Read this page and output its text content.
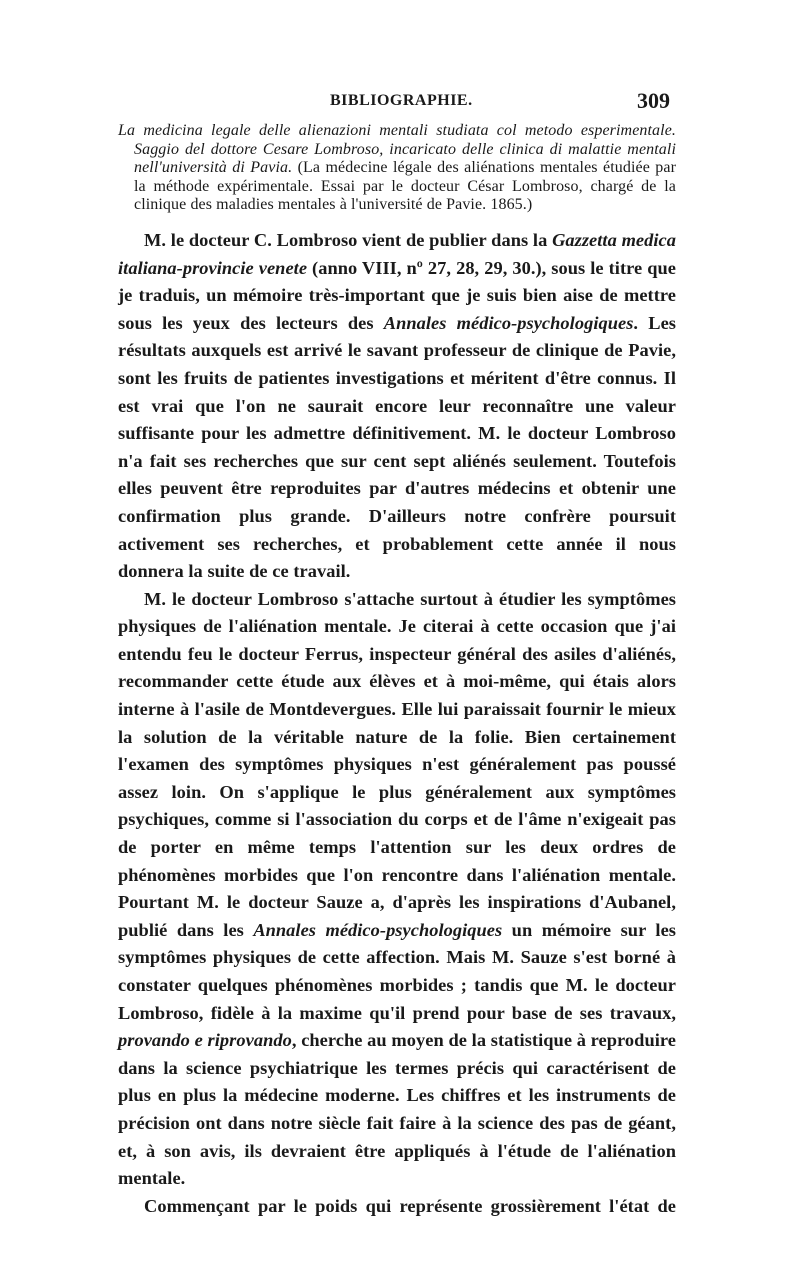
BIBLIOGRAPHIE.	309

La medicina legale delle alienazioni mentali studiata col metodo esperimentale. Saggio del dottore Cesare Lombroso, incaricato delle clinica di malattie mentali nell'università di Pavia. (La médecine légale des aliénations mentales étudiée par la méthode expérimentale. Essai par le docteur César Lombroso, chargé de la clinique des maladies mentales à l'université de Pavie. 1865.)

M. le docteur C. Lombroso vient de publier dans la Gazzetta medica italiana-provincie venete (anno VIII, nº 27, 28, 29, 30.), sous le titre que je traduis, un mémoire très-important que je suis bien aise de mettre sous les yeux des lecteurs des Annales médico-psychologiques. Les résultats auxquels est arrivé le savant professeur de clinique de Pavie, sont les fruits de patientes investigations et méritent d'être connus. Il est vrai que l'on ne saurait encore leur reconnaître une valeur suffisante pour les admettre définitivement. M. le docteur Lombroso n'a fait ses recherches que sur cent sept aliénés seulement. Toutefois elles peuvent être reproduites par d'autres médecins et obtenir une confirmation plus grande. D'ailleurs notre confrère poursuit activement ses recherches, et probablement cette année il nous donnera la suite de ce travail.

M. le docteur Lombroso s'attache surtout à étudier les symptômes physiques de l'aliénation mentale. Je citerai à cette occasion que j'ai entendu feu le docteur Ferrus, inspecteur général des asiles d'aliénés, recommander cette étude aux élèves et à moi-même, qui étais alors interne à l'asile de Montdevergues. Elle lui paraissait fournir le mieux la solution de la véritable nature de la folie. Bien certainement l'examen des symptômes physiques n'est généralement pas poussé assez loin. On s'applique le plus généralement aux symptômes psychiques, comme si l'association du corps et de l'âme n'exigeait pas de porter en même temps l'attention sur les deux ordres de phénomènes morbides que l'on rencontre dans l'aliénation mentale. Pourtant M. le docteur Sauze a, d'après les inspirations d'Aubanel, publié dans les Annales médico-psychologiques un mémoire sur les symptômes physiques de cette affection. Mais M. Sauze s'est borné à constater quelques phénomènes morbides ; tandis que M. le docteur Lombroso, fidèle à la maxime qu'il prend pour base de ses travaux, provando e riprovando, cherche au moyen de la statistique à reproduire dans la science psychiatrique les termes précis qui caractérisent de plus en plus la médecine moderne. Les chiffres et les instruments de précision ont dans notre siècle fait faire à la science des pas de géant, et, à son avis, ils devraient être appliqués à l'étude de l'aliénation mentale.

Commençant par le poids qui représente grossièrement l'état de
